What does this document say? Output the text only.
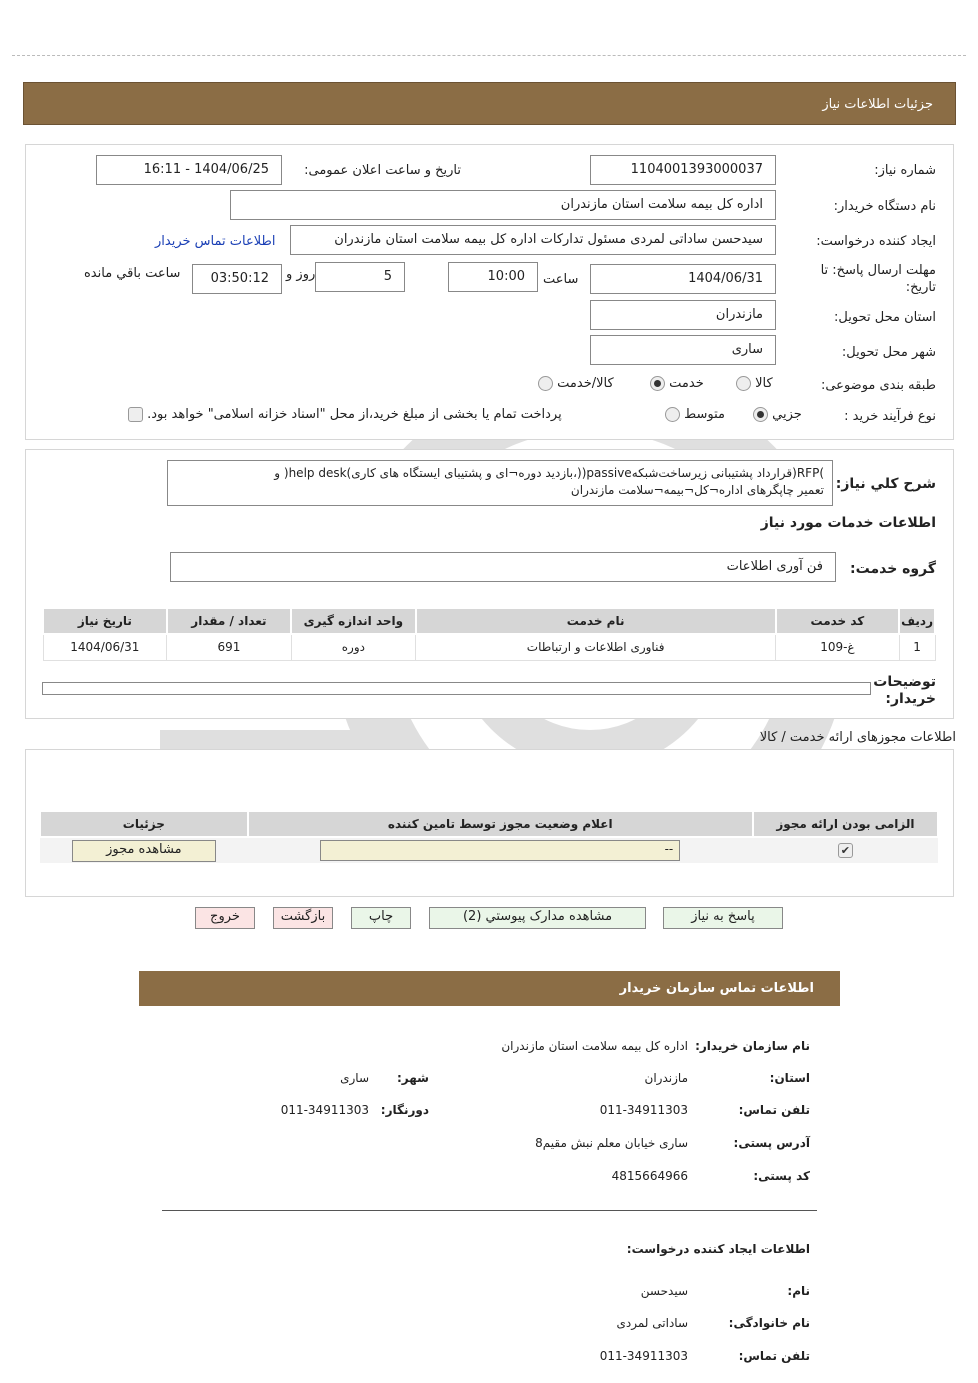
جزئیات اطلاعات نیاز
شماره نیاز:
1104001393000037
تاریخ و ساعت اعلان عمومی:
1404/06/25 - 16:11
نام دستگاه خریدار:
اداره کل بیمه سلامت استان مازندران
ایجاد کننده درخواست:
سیدحسن ساداتی لمردی مسئول تدارکات اداره کل بیمه سلامت استان مازندران
اطلاعات تماس خریدار
مهلت ارسال پاسخ: تا
تاریخ:
1404/06/31
ساعت
10:00
5
روز و
03:50:12
ساعت باقي مانده
استان محل تحویل:
مازندران
شهر محل تحویل:
ساری
طبقه بندی موضوعی:
کالا
خدمت
کالا/خدمت
نوع فرآیند خرید :
جزيي
متوسط
پرداخت تمام یا بخشی از مبلغ خرید،از محل "اسناد خزانه اسلامی" خواهد بود.
شرح کلي نياز:
)RFP(قرارداد پشتیبانی زیرساخت‌شبکه‌passive((،بازدید دوره¬ای و پشتیبای ایستگاه های کاری)help desk( و
تعمیر چاپگرهای اداره¬کل¬بیمه¬سلامت مازندران
اطلاعات خدمات مورد نیاز
گروه خدمت:
فن آوری اطلاعات
ردیف	کد خدمت	نام خدمت	واحد اندازه گیری	تعداد / مقدار	تاریخ نیاز
1	غ-109	فناوری اطلاعات و ارتباطات	دوره	691	1404/06/31
توضیحات
خریدار:
اطلاعات مجوزهای ارائه خدمت / کالا
الزامی بودن ارائه مجوز	اعلام وضعیت مجوز توسط تامین کننده	جزئیات
✔	--	مشاهده مجوز
پاسخ به نیاز
مشاهده مدارک پیوستي (2)
چاپ
بازگشت
خروج
اطلاعات تماس سازمان خریدار
نام سازمان خریدار:
اداره کل بیمه سلامت استان مازندران
استان:
مازندران
شهر:
ساری
تلفن تماس:
011-34911303
دورنگار:
011-34911303
آدرس پستی:
ساری خیابان معلم نبش مقیم8
کد پستی:
4815664966
اطلاعات ایجاد کننده درخواست:
نام:
سیدحسن
نام خانوادگی:
ساداتی لمردی
تلفن تماس:
011-34911303
